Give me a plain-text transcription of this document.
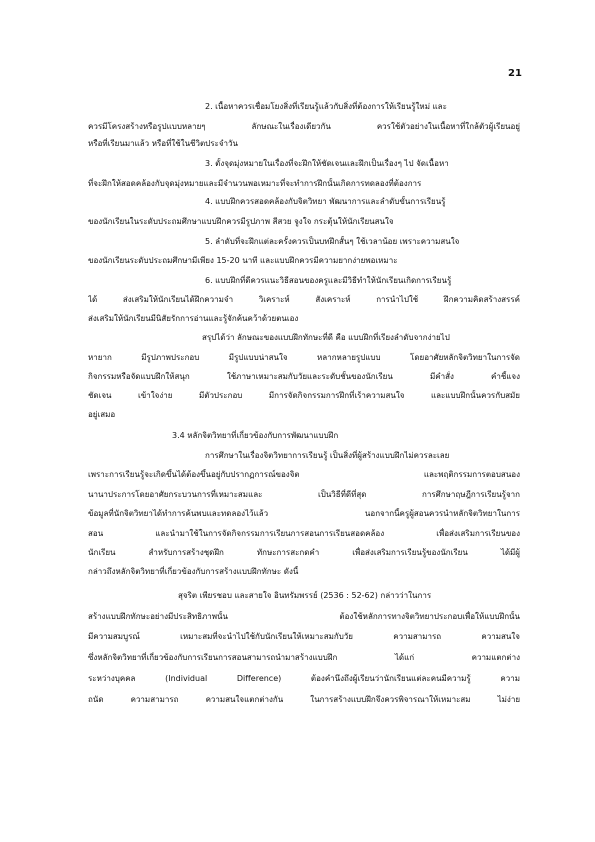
21
2. เนื้อหาควรเชื่อมโยงสิ่งที่เรียนรู้แล้วกับสิ่งที่ต้องการให้เรียนรู้ใหม่ และ
ควรมีโครงสร้างหรือรูปแบบหลายๆ ลักษณะในเรื่องเดียวกัน ควรใช้ตัวอย่างในเนื้อหาที่ใกล้ตัวผู้เรียนอยู่
หรือที่เรียนมาแล้ว หรือที่ใช้ในชีวิตประจำวัน
3. ตั้งจุดมุ่งหมายในเรื่องที่จะฝึกให้ชัดเจนและฝึกเป็นเรื่องๆ ไป จัดเนื้อหา
ที่จะฝึกให้สอดคล้องกับจุดมุ่งหมายและมีจำนวนพอเหมาะที่จะทำการฝึกนั้นเกิดการทดลองที่ต้องการ
4. แบบฝึกควรสอดคล้องกับจิตวิทยา พัฒนาการและลำดับขั้นการเรียนรู้
ของนักเรียนในระดับประถมศึกษาแบบฝึกควรมีรูปภาพ สีสวย จูงใจ กระตุ้นให้นักเรียนสนใจ
5. ลำดับที่จะฝึกแต่ละครั้งควรเป็นบทฝึกสั้นๆ ใช้เวลาน้อย เพราะความสนใจ
ของนักเรียนระดับประถมศึกษามีเพียง 15-20 นาที และแบบฝึกควรมีความยากง่ายพอเหมาะ
6. แบบฝึกที่ดีควรแนะวิธีสอนของครูและมีวิธีทำให้นักเรียนเกิดการเรียนรู้
ได้ ส่งเสริมให้นักเรียนได้ฝึกความจำ วิเคราะห์ สังเคราะห์ การนำไปใช้ ฝึกความคิดสร้างสรรค์
ส่งเสริมให้นักเรียนมีนิสัยรักการอ่านและรู้จักค้นคว้าด้วยตนเอง
สรุปได้ว่า ลักษณะของแบบฝึกทักษะที่ดี คือ แบบฝึกที่เรียงลำดับจากง่ายไป
หายาก มีรูปภาพประกอบ มีรูปแบบน่าสนใจ หลากหลายรูปแบบ โดยอาศัยหลักจิตวิทยาในการจัด
กิจกรรมหรือจัดแบบฝึกให้สนุก ใช้ภาษาเหมาะสมกับวัยและระดับชั้นของนักเรียน มีคำสั่ง คำชี้แจง
ชัดเจน เข้าใจง่าย มีตัวประกอบ มีการจัดกิจกรรมการฝึกที่เร้าความสนใจ และแบบฝึกนั้นควรกับสมัย
อยู่เสมอ
3.4 หลักจิตวิทยาที่เกี่ยวข้องกับการพัฒนาแบบฝึก
การศึกษาในเรื่องจิตวิทยาการเรียนรู้ เป็นสิ่งที่ผู้สร้างแบบฝึกไม่ควรละเลย
เพราะการเรียนรู้จะเกิดขึ้นได้ต้องขึ้นอยู่กับปรากฏการณ์ของจิต และพฤติกรรมการตอบสนอง
นานาประการโดยอาศัยกระบวนการที่เหมาะสมและ เป็นวิธีที่ดีที่สุด การศึกษาฤษฎีการเรียนรู้จาก
ข้อมูลที่นักจิตวิทยาได้ทำการค้นพบและทดลองไว้แล้ว นอกจากนี้ครูผู้สอนควรนำหลักจิตวิทยาในการ
สอน และนำมาใช้ในการจัดกิจกรรมการเรียนการสอนการเรียนสอดคล้อง เพื่อส่งเสริมการเรียนของ
นักเรียน สำหรับการสร้างชุดฝึก ทักษะการสะกดคำ เพื่อส่งเสริมการเรียนรู้ของนักเรียน ได้มีผู้
กล่าวถึงหลักจิตวิทยาที่เกี่ยวข้องกับการสร้างแบบฝึกทักษะ ดังนี้
สุจริต เพียรชอบ และสายใจ อินทรัมพรรย์ (2536 : 52-62) กล่าวว่าในการ
สร้างแบบฝึกทักษะอย่างมีประสิทธิภาพนั้น ต้องใช้หลักการทางจิตวิทยาประกอบเพื่อให้แบบฝึกนั้น
มีความสมบูรณ์ เหมาะสมที่จะนำไปใช้กับนักเรียนให้เหมาะสมกับวัย ความสามารถ ความสนใจ
ซึ่งหลักจิตวิทยาที่เกี่ยวข้องกับการเรียนการสอนสามารถนำมาสร้างแบบฝึก ได้แก่ ความแตกต่าง
ระหว่างบุคคล (Individual Difference) ต้องคำนึงถึงผู้เรียนว่านักเรียนแต่ละคนมีความรู้ ความ
ถนัด ความสามารถ ความสนใจแตกต่างกัน ในการสร้างแบบฝึกจึงควรพิจารณาให้เหมาะสม ไม่ง่าย
